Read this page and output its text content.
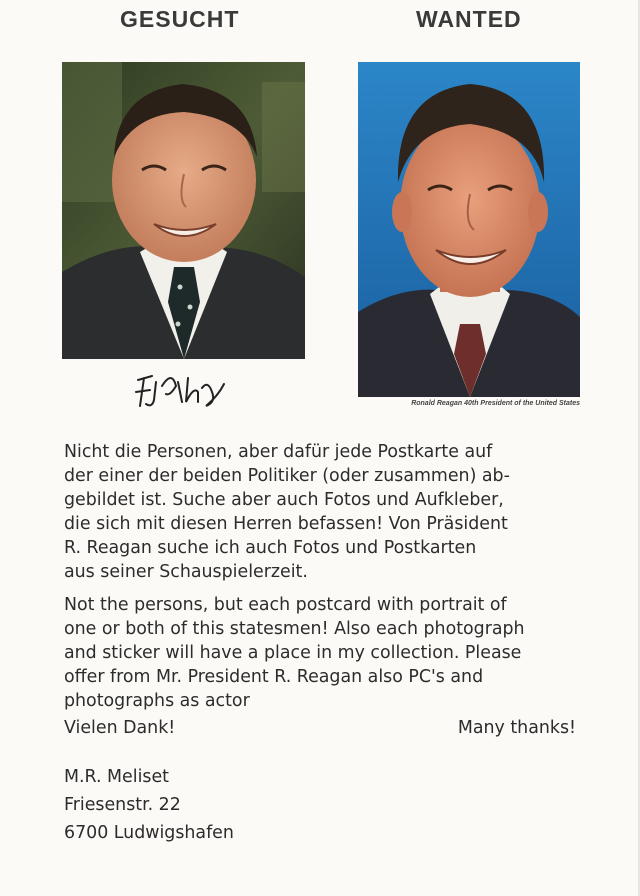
GESUCHT	WANTED
Ronald Reagan 40th President of the United States

Nicht die Personen, aber dafür jede Postkarte auf
der einer der beiden Politiker (oder zusammen) ab-
gebildet ist. Suche aber auch Fotos und Aufkleber,
die sich mit diesen Herren befassen! Von Präsident
R. Reagan suche ich auch Fotos und Postkarten
aus seiner Schauspielerzeit.

Not the persons, but each postcard with portrait of
one or both of this statesmen! Also each photograph
and sticker will have a place in my collection. Please
offer from Mr. President R. Reagan also PC's and
photographs as actor

Vielen Dank!	Many thanks!
M.R. Meliset
Friesenstr. 22
6700 Ludwigshafen
